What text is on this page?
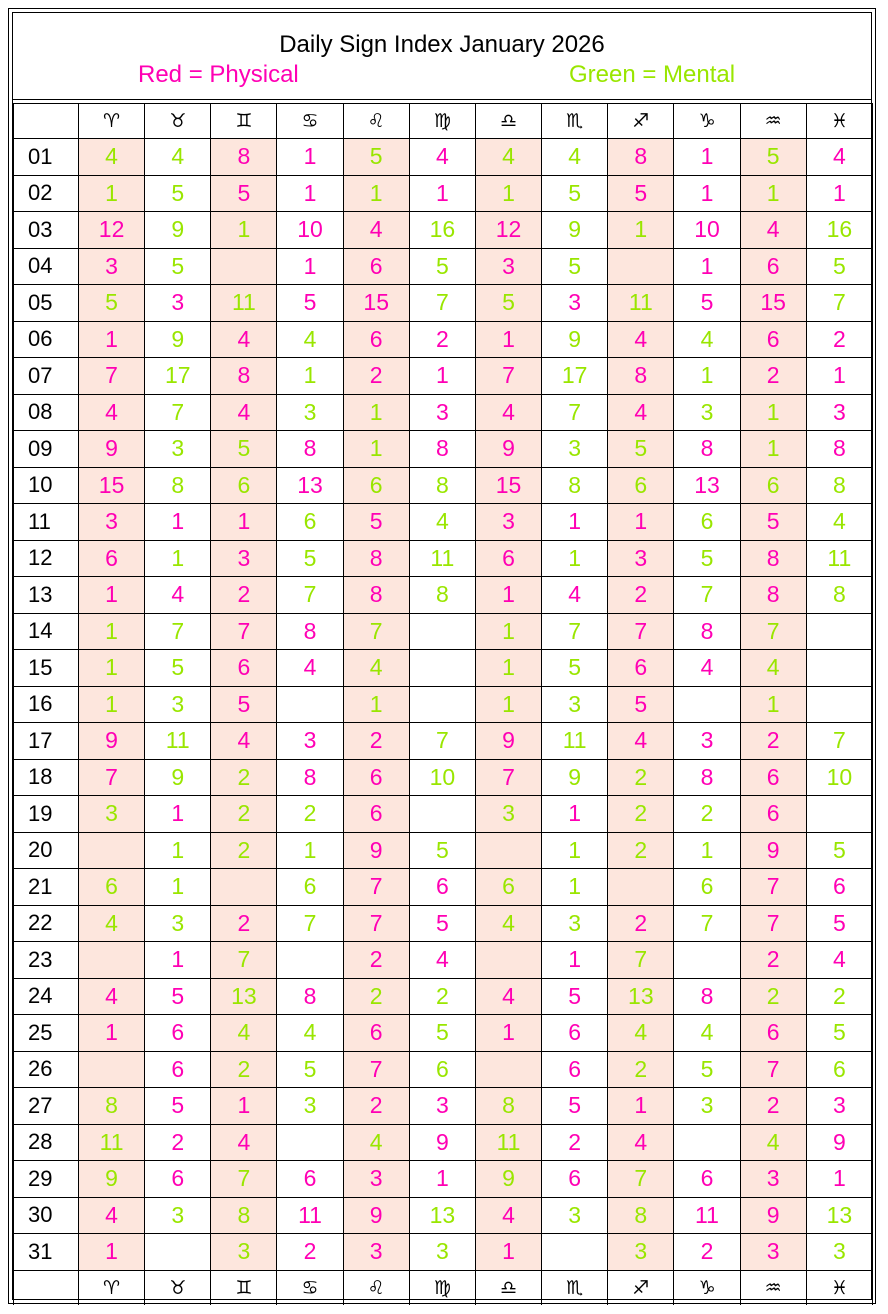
Daily Sign Index January 2026
Red = Physical	Green = Mental
	♈	♉	♊	♋	♌	♍	♎	♏	♐	♑	♒	♓
01	4	4	8	1	5	4	4	4	8	1	5	4
02	1	5	5	1	1	1	1	5	5	1	1	1
03	12	9	1	10	4	16	12	9	1	10	4	16
04	3	5		1	6	5	3	5		1	6	5
05	5	3	11	5	15	7	5	3	11	5	15	7
06	1	9	4	4	6	2	1	9	4	4	6	2
07	7	17	8	1	2	1	7	17	8	1	2	1
08	4	7	4	3	1	3	4	7	4	3	1	3
09	9	3	5	8	1	8	9	3	5	8	1	8
10	15	8	6	13	6	8	15	8	6	13	6	8
11	3	1	1	6	5	4	3	1	1	6	5	4
12	6	1	3	5	8	11	6	1	3	5	8	11
13	1	4	2	7	8	8	1	4	2	7	8	8
14	1	7	7	8	7		1	7	7	8	7	
15	1	5	6	4	4		1	5	6	4	4	
16	1	3	5		1		1	3	5		1	
17	9	11	4	3	2	7	9	11	4	3	2	7
18	7	9	2	8	6	10	7	9	2	8	6	10
19	3	1	2	2	6		3	1	2	2	6	
20		1	2	1	9	5		1	2	1	9	5
21	6	1		6	7	6	6	1		6	7	6
22	4	3	2	7	7	5	4	3	2	7	7	5
23		1	7		2	4		1	7		2	4
24	4	5	13	8	2	2	4	5	13	8	2	2
25	1	6	4	4	6	5	1	6	4	4	6	5
26		6	2	5	7	6		6	2	5	7	6
27	8	5	1	3	2	3	8	5	1	3	2	3
28	11	2	4		4	9	11	2	4		4	9
29	9	6	7	6	3	1	9	6	7	6	3	1
30	4	3	8	11	9	13	4	3	8	11	9	13
31	1		3	2	3	3	1		3	2	3	3
	♈	♉	♊	♋	♌	♍	♎	♏	♐	♑	♒	♓
